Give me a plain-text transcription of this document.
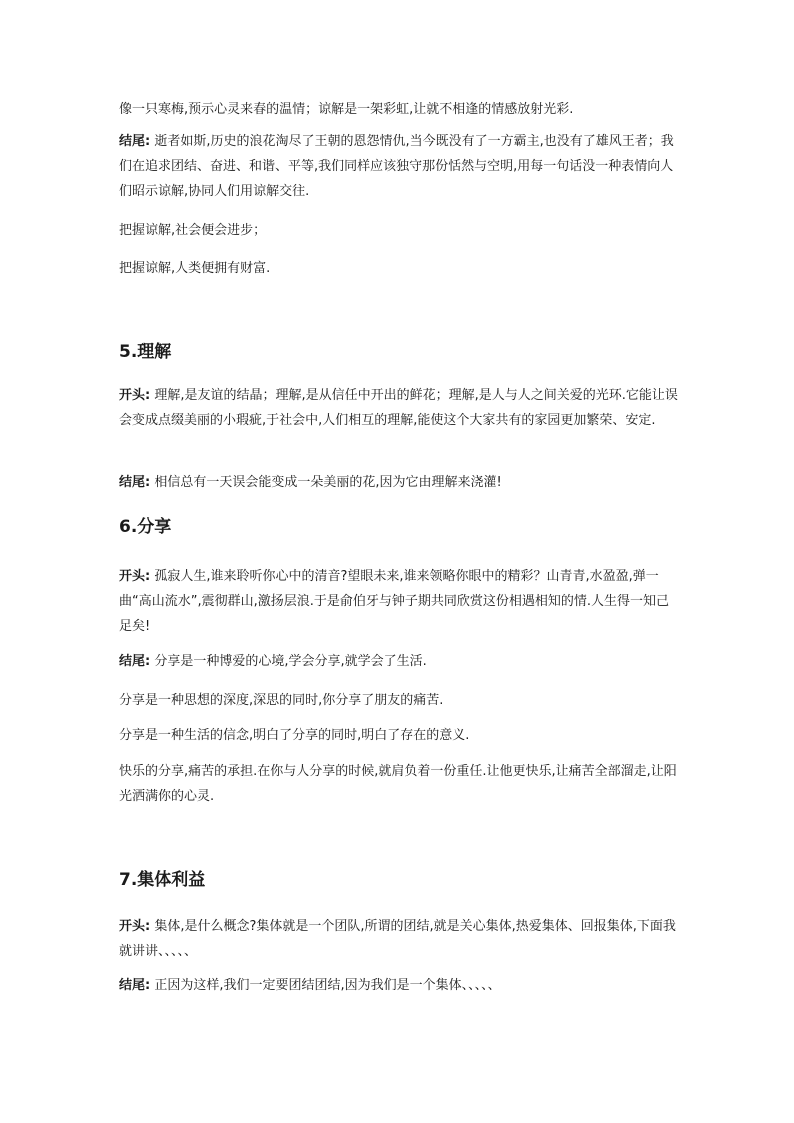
像一只寒梅,预示心灵来春的温情；谅解是一架彩虹,让就不相逢的情感放射光彩.

结尾: 逝者如斯,历史的浪花淘尽了王朝的恩怨情仇,当今既没有了一方霸主,也没有了雄风王者；我们在追求团结、奋进、和谐、平等,我们同样应该独守那份恬然与空明,用每一句话没一种表情向人们昭示谅解,协同人们用谅解交往.

把握谅解,社会便会进步；

把握谅解,人类便拥有财富.

5.理解

开头: 理解,是友谊的结晶；理解,是从信任中开出的鲜花；理解,是人与人之间关爱的光环.它能让误会变成点缀美丽的小瑕疵,于社会中,人们相互的理解,能使这个大家共有的家园更加繁荣、安定.

结尾: 相信总有一天误会能变成一朵美丽的花,因为它由理解来浇灌!

6.分享

开头: 孤寂人生,谁来聆听你心中的清音?望眼未来,谁来领略你眼中的精彩？山青青,水盈盈,弹一曲“高山流水”,震彻群山,激扬层浪.于是俞伯牙与钟子期共同欣赏这份相遇相知的情.人生得一知己足矣!

结尾: 分享是一种博爱的心境,学会分享,就学会了生活.

分享是一种思想的深度,深思的同时,你分享了朋友的痛苦.

分享是一种生活的信念,明白了分享的同时,明白了存在的意义.

快乐的分享,痛苦的承担.在你与人分享的时候,就肩负着一份重任.让他更快乐,让痛苦全部溜走,让阳光洒满你的心灵.

7.集体利益

开头: 集体,是什么概念?集体就是一个团队,所谓的团结,就是关心集体,热爱集体、回报集体,下面我就讲讲、、、、、

结尾: 正因为这样,我们一定要团结团结,因为我们是一个集体、、、、、
